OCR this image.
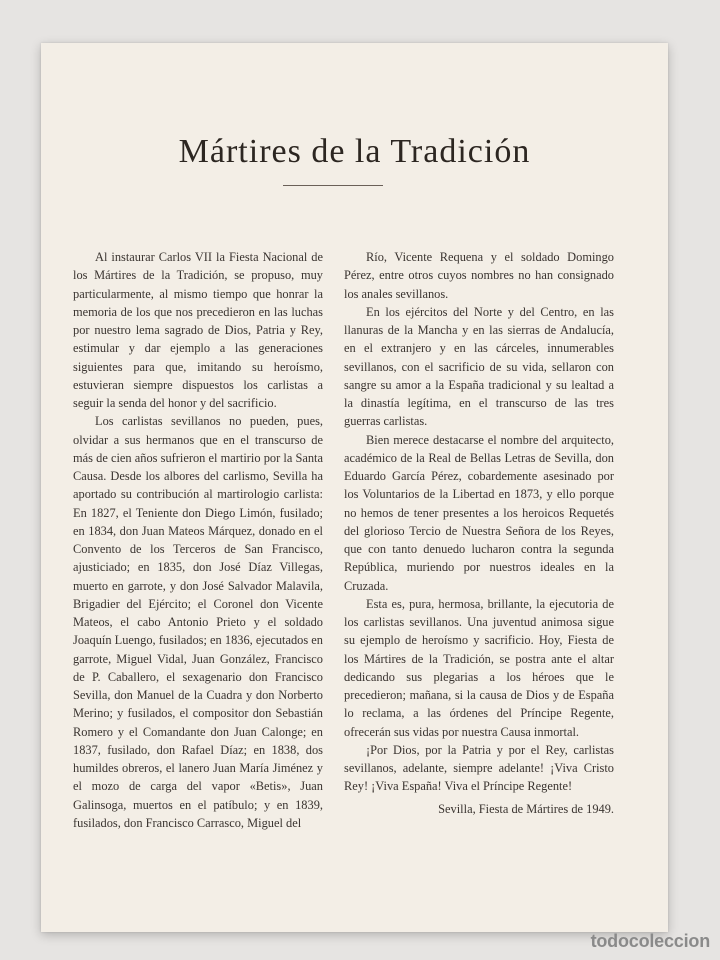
Mártires de la Tradición

Al instaurar Carlos VII la Fiesta Nacional de los Mártires de la Tradición, se propuso, muy particularmente, al mismo tiempo que honrar la memoria de los que nos precedieron en las luchas por nuestro lema sagrado de Dios, Patria y Rey, estimular y dar ejemplo a las generaciones siguientes para que, imitando su heroísmo, estuvieran siempre dispuestos los carlistas a seguir la senda del honor y del sacrificio.

Los carlistas sevillanos no pueden, pues, olvidar a sus hermanos que en el transcurso de más de cien años sufrieron el martirio por la Santa Causa. Desde los albores del carlismo, Sevilla ha aportado su contribución al martirologio carlista: En 1827, el Teniente don Diego Limón, fusilado; en 1834, don Juan Mateos Márquez, donado en el Convento de los Terceros de San Francisco, ajusticiado; en 1835, don José Díaz Villegas, muerto en garrote, y don José Salvador Malavila, Brigadier del Ejército; el Coronel don Vicente Mateos, el cabo Antonio Prieto y el soldado Joaquín Luengo, fusilados; en 1836, ejecutados en garrote, Miguel Vidal, Juan González, Francisco de P. Caballero, el sexagenario don Francisco Sevilla, don Manuel de la Cuadra y don Norberto Merino; y fusilados, el compositor don Sebastián Romero y el Comandante don Juan Calonge; en 1837, fusilado, don Rafael Díaz; en 1838, dos humildes obreros, el lanero Juan María Jiménez y el mozo de carga del vapor «Betis», Juan Galinsoga, muertos en el patíbulo; y en 1839, fusilados, don Francisco Carrasco, Miguel del

Río, Vicente Requena y el soldado Domingo Pérez, entre otros cuyos nombres no han consignado los anales sevillanos.

En los ejércitos del Norte y del Centro, en las llanuras de la Mancha y en las sierras de Andalucía, en el extranjero y en las cárceles, innumerables sevillanos, con el sacrificio de su vida, sellaron con sangre su amor a la España tradicional y su lealtad a la dinastía legítima, en el transcurso de las tres guerras carlistas.

Bien merece destacarse el nombre del arquitecto, académico de la Real de Bellas Letras de Sevilla, don Eduardo García Pérez, cobardemente asesinado por los Voluntarios de la Libertad en 1873, y ello porque no hemos de tener presentes a los heroicos Requetés del glorioso Tercio de Nuestra Señora de los Reyes, que con tanto denuedo lucharon contra la segunda República, muriendo por nuestros ideales en la Cruzada.

Esta es, pura, hermosa, brillante, la ejecutoria de los carlistas sevillanos. Una juventud animosa sigue su ejemplo de heroísmo y sacrificio. Hoy, Fiesta de los Mártires de la Tradición, se postra ante el altar dedicando sus plegarias a los héroes que le precedieron; mañana, si la causa de Dios y de España lo reclama, a las órdenes del Príncipe Regente, ofrecerán sus vidas por nuestra Causa inmortal.

¡Por Dios, por la Patria y por el Rey, carlistas sevillanos, adelante, siempre adelante! ¡Viva Cristo Rey! ¡Viva España! Viva el Príncipe Regente!

Sevilla, Fiesta de Mártires de 1949.

todocoleccion
